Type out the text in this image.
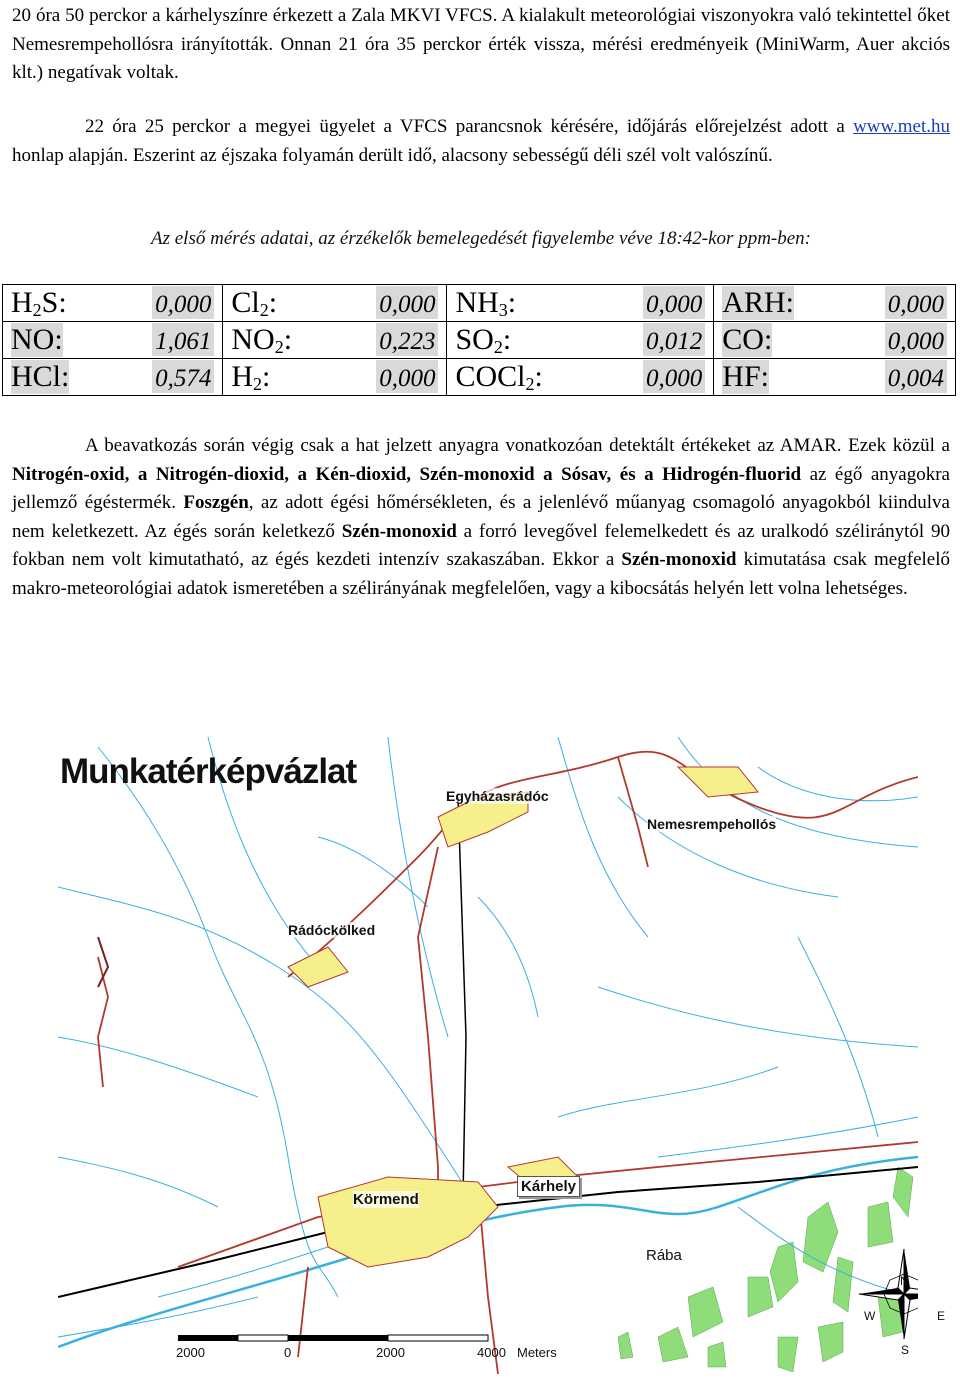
20 óra 50 perckor a kárhelyszínre érkezett a Zala MKVI VFCS. A kialakult meteorológiai viszonyokra való tekintettel őket Nemesrempehollósra irányították. Onnan 21 óra 35 perckor érték vissza, mérési eredményeik (MiniWarm, Auer akciós klt.) negatívak voltak.

22 óra 25 perckor a megyei ügyelet a VFCS parancsnok kérésére, időjárás előrejelzést adott a www.met.hu honlap alapján. Eszerint az éjszaka folyamán derült idő, alacsony sebességű déli szél volt valószínű.

Az első mérés adatai, az érzékelők bemelegedését figyelembe véve 18:42-kor ppm-ben:
$H_2S$: 0,000	$Cl_2$: 0,000	$NH_3$: 0,000	ARH: 0,000

NO: 1,061	$NO_2$: 0,223	$SO_2$: 0,012	CO: 0,000

HCl: 0,574	$H_2$: 0,000	COCl$_2$: 0,000	HF: 0,004

A beavatkozás során végig csak a hat jelzett anyagra vonatkozóan detektált értékeket az AMAR. Ezek közül a Nitrogén-oxid, a Nitrogén-dioxid, a Kén-dioxid, Szén-monoxid a Sósav, és a Hidrogén-fluorid az égő anyagokra jellemző égéstermék. Foszgén, az adott égési hőmérsékleten, és a jelenlévő műanyag csomagoló anyagokból kiindulva nem keletkezett. Az égés során keletkező Szén-monoxid a forró levegővel felemelkedett és az uralkodó széliránytól 90 fokban nem volt kimutatható, az égés kezdeti intenzív szakaszában. Ekkor a Szén-monoxid kimutatása csak megfelelő makro-meteorológiai adatok ismeretében a szélirányának megfelelően, vagy a kibocsátás helyén lett volna lehetséges.

Munkatérképvázlat
Egyházasrádóc
Nemesrempehollós
Rádóckölked
Körmend
Kárhely
Rába
2000	0	2000	4000 Meters
N
S
E
W
